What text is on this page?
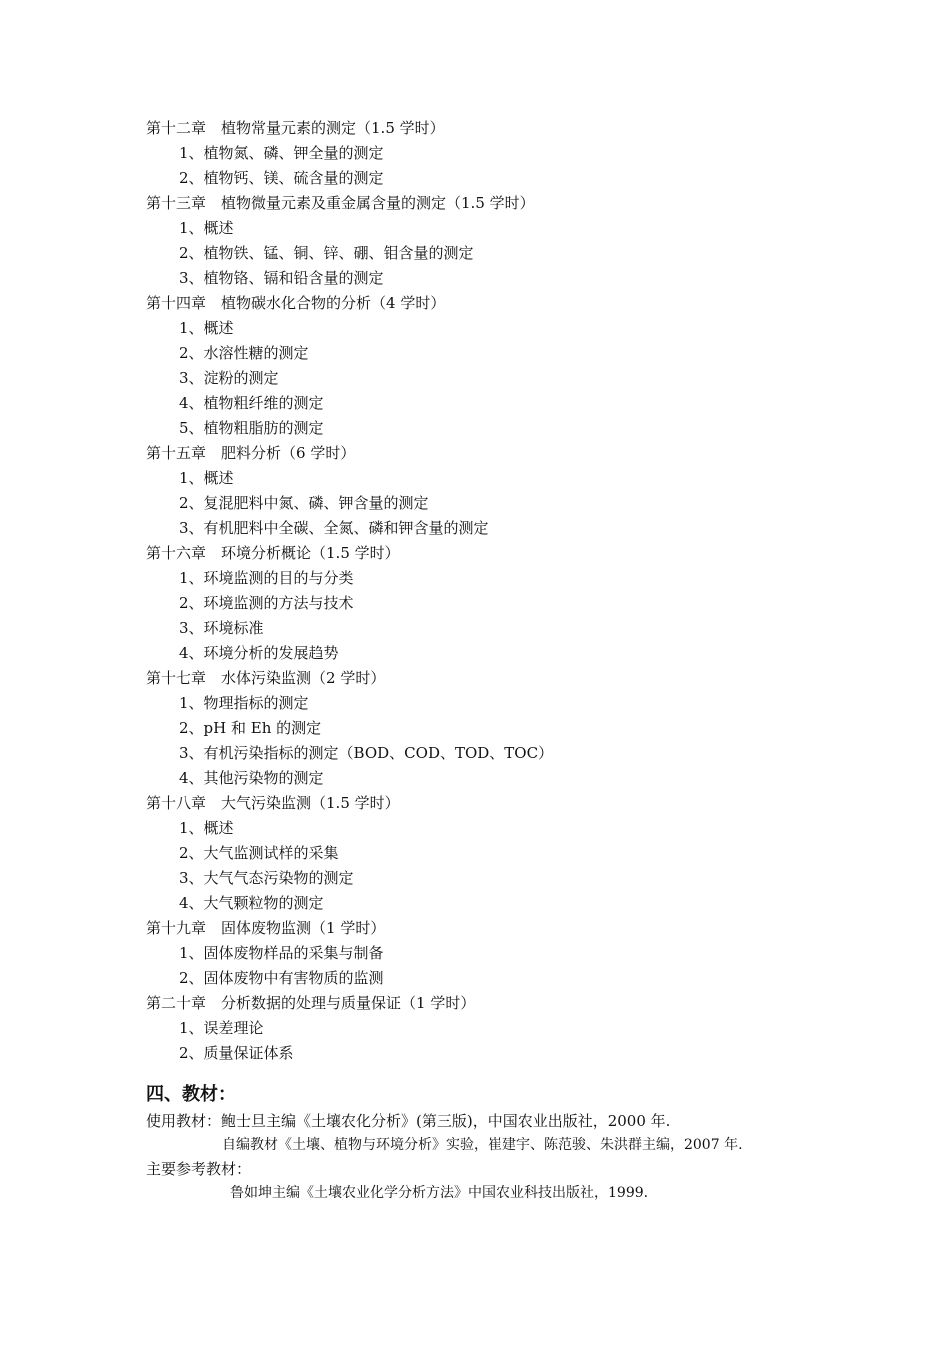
第十二章　植物常量元素的测定（1.5 学时）
1、植物氮、磷、钾全量的测定
2、植物钙、镁、硫含量的测定
第十三章　植物微量元素及重金属含量的测定（1.5 学时）
1、概述
2、植物铁、锰、铜、锌、硼、钼含量的测定
3、植物铬、镉和铅含量的测定
第十四章　植物碳水化合物的分析（4 学时）
1、概述
2、水溶性糖的测定
3、淀粉的测定
4、植物粗纤维的测定
5、植物粗脂肪的测定
第十五章　肥料分析（6 学时）
1、概述
2、复混肥料中氮、磷、钾含量的测定
3、有机肥料中全碳、全氮、磷和钾含量的测定
第十六章　环境分析概论（1.5 学时）
1、环境监测的目的与分类
2、环境监测的方法与技术
3、环境标准
4、环境分析的发展趋势
第十七章　水体污染监测（2 学时）
1、物理指标的测定
2、pH 和 Eh 的测定
3、有机污染指标的测定（BOD、COD、TOD、TOC）
4、其他污染物的测定
第十八章　大气污染监测（1.5 学时）
1、概述
2、大气监测试样的采集
3、大气气态污染物的测定
4、大气颗粒物的测定
第十九章　固体废物监测（1 学时）
1、固体废物样品的采集与制备
2、固体废物中有害物质的监测
第二十章　分析数据的处理与质量保证（1 学时）
1、误差理论
2、质量保证体系
四、教材：
使用教材：鲍士旦主编《土壤农化分析》(第三版)，中国农业出版社，2000 年.
自编教材《土壤、植物与环境分析》实验，崔建宇、陈范骏、朱洪群主编，2007 年.
主要参考教材：
鲁如坤主编《土壤农业化学分析方法》中国农业科技出版社，1999.
